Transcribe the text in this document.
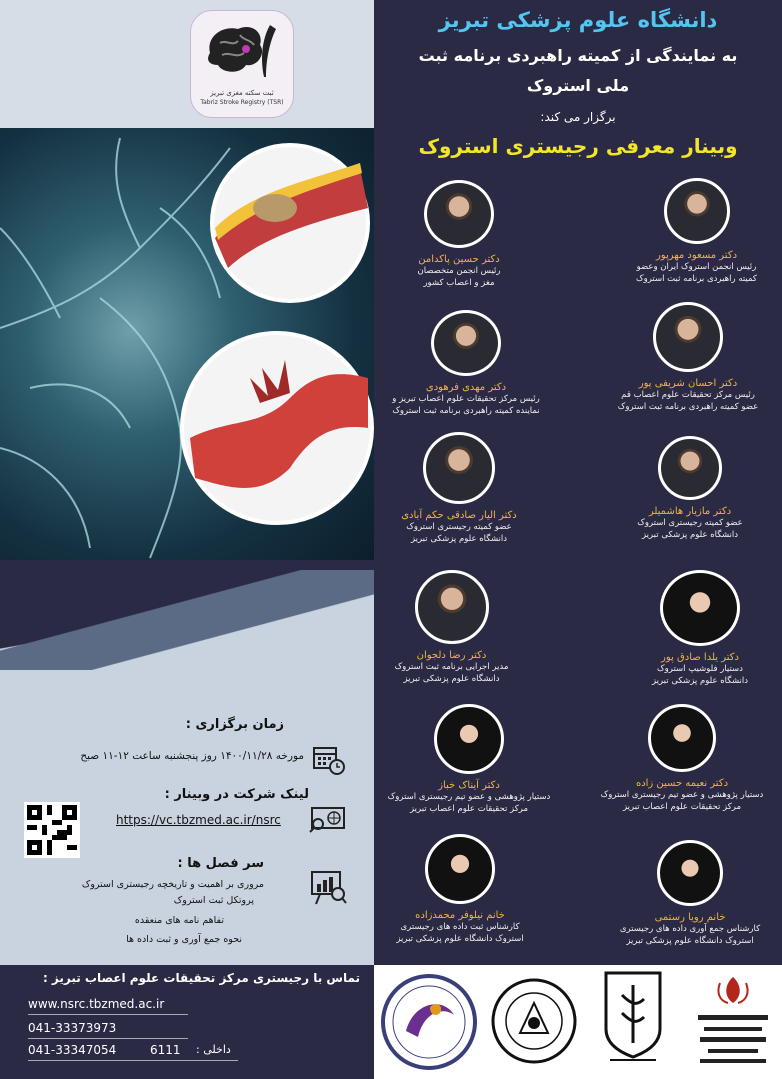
ثبت سکته مغزی تبریز
Tabriz Stroke Registry (TSR)
زمان برگزاری :
مورخه ۱۴۰۰/۱۱/۲۸ روز پنجشنبه ساعت ۱۲-۱۱ صبح
لینک شرکت در وبینار :
https://vc.tbzmed.ac.ir/nsrc
سر فصل ها :
مروری بر اهمیت و تاریخچه رجیستری استروک
پروتکل ثبت استروک
تفاهم نامه های منعقده
نحوه جمع آوری و ثبت داده ها
دانشگاه علوم پزشکی تبریز
به نمایندگی از کمیته راهبردی برنامه ثبت
ملی استروک
برگزار می کند:
وبینار معرفی رجیستری استروک
دکتر مسعود مهرپور
رئیس انجمن استروک ایران وعضو
کمیته راهبردی برنامه ثبت استروک
دکتر حسین پاکدامن
رئیس انجمن متخصصان
مغز و اعصاب کشور
دکتر احسان شریفی پور
رئیس مرکز تحقیقات علوم اعصاب قم
عضو کمیته راهبردی برنامه ثبت استروک
دکتر مهدی فرهودی
رئیس مرکز تحقیقات علوم اعصاب تبریز و
نماینده کمیته راهبردی برنامه ثبت استروک
دکتر مازیار هاشمیلر
عضو کمیته رجیستری استروک
دانشگاه علوم پزشکی تبریز
دکتر الیار صادقی حکم آبادی
عضو کمیته رجیستری استروک
دانشگاه علوم پزشکی تبریز
دکتر یلدا صادق پور
دستیار فلوشیپ استروک
دانشگاه علوم پزشکی تبریز
دکتر رضا دلجوان
مدیر اجرایی برنامه ثبت استروک
دانشگاه علوم پزشکی تبریز
دکتر نعیمه حسین زاده
دستیار پژوهشی و عضو تیم رجیستری استروک
مرکز تحقیقات علوم اعصاب تبریز
دکتر آیناک خباز
دستیار پژوهشی و عضو تیم رجیستری استروک
مرکز تحقیقات علوم اعصاب تبریز
خانم رویا رستمی
کارشناس جمع آوری داده های رجیستری
استروک دانشگاه علوم پزشکی تبریز
خانم نیلوفر محمدزاده
کارشناس ثبت داده های رجیستری
استروک دانشگاه علوم پزشکی تبریز
تماس با رجیستری مرکز تحقیقات علوم اعصاب تبریز :
www.nsrc.tbzmed.ac.ir
041-33373973
041-33347054	6111 داخلی :
